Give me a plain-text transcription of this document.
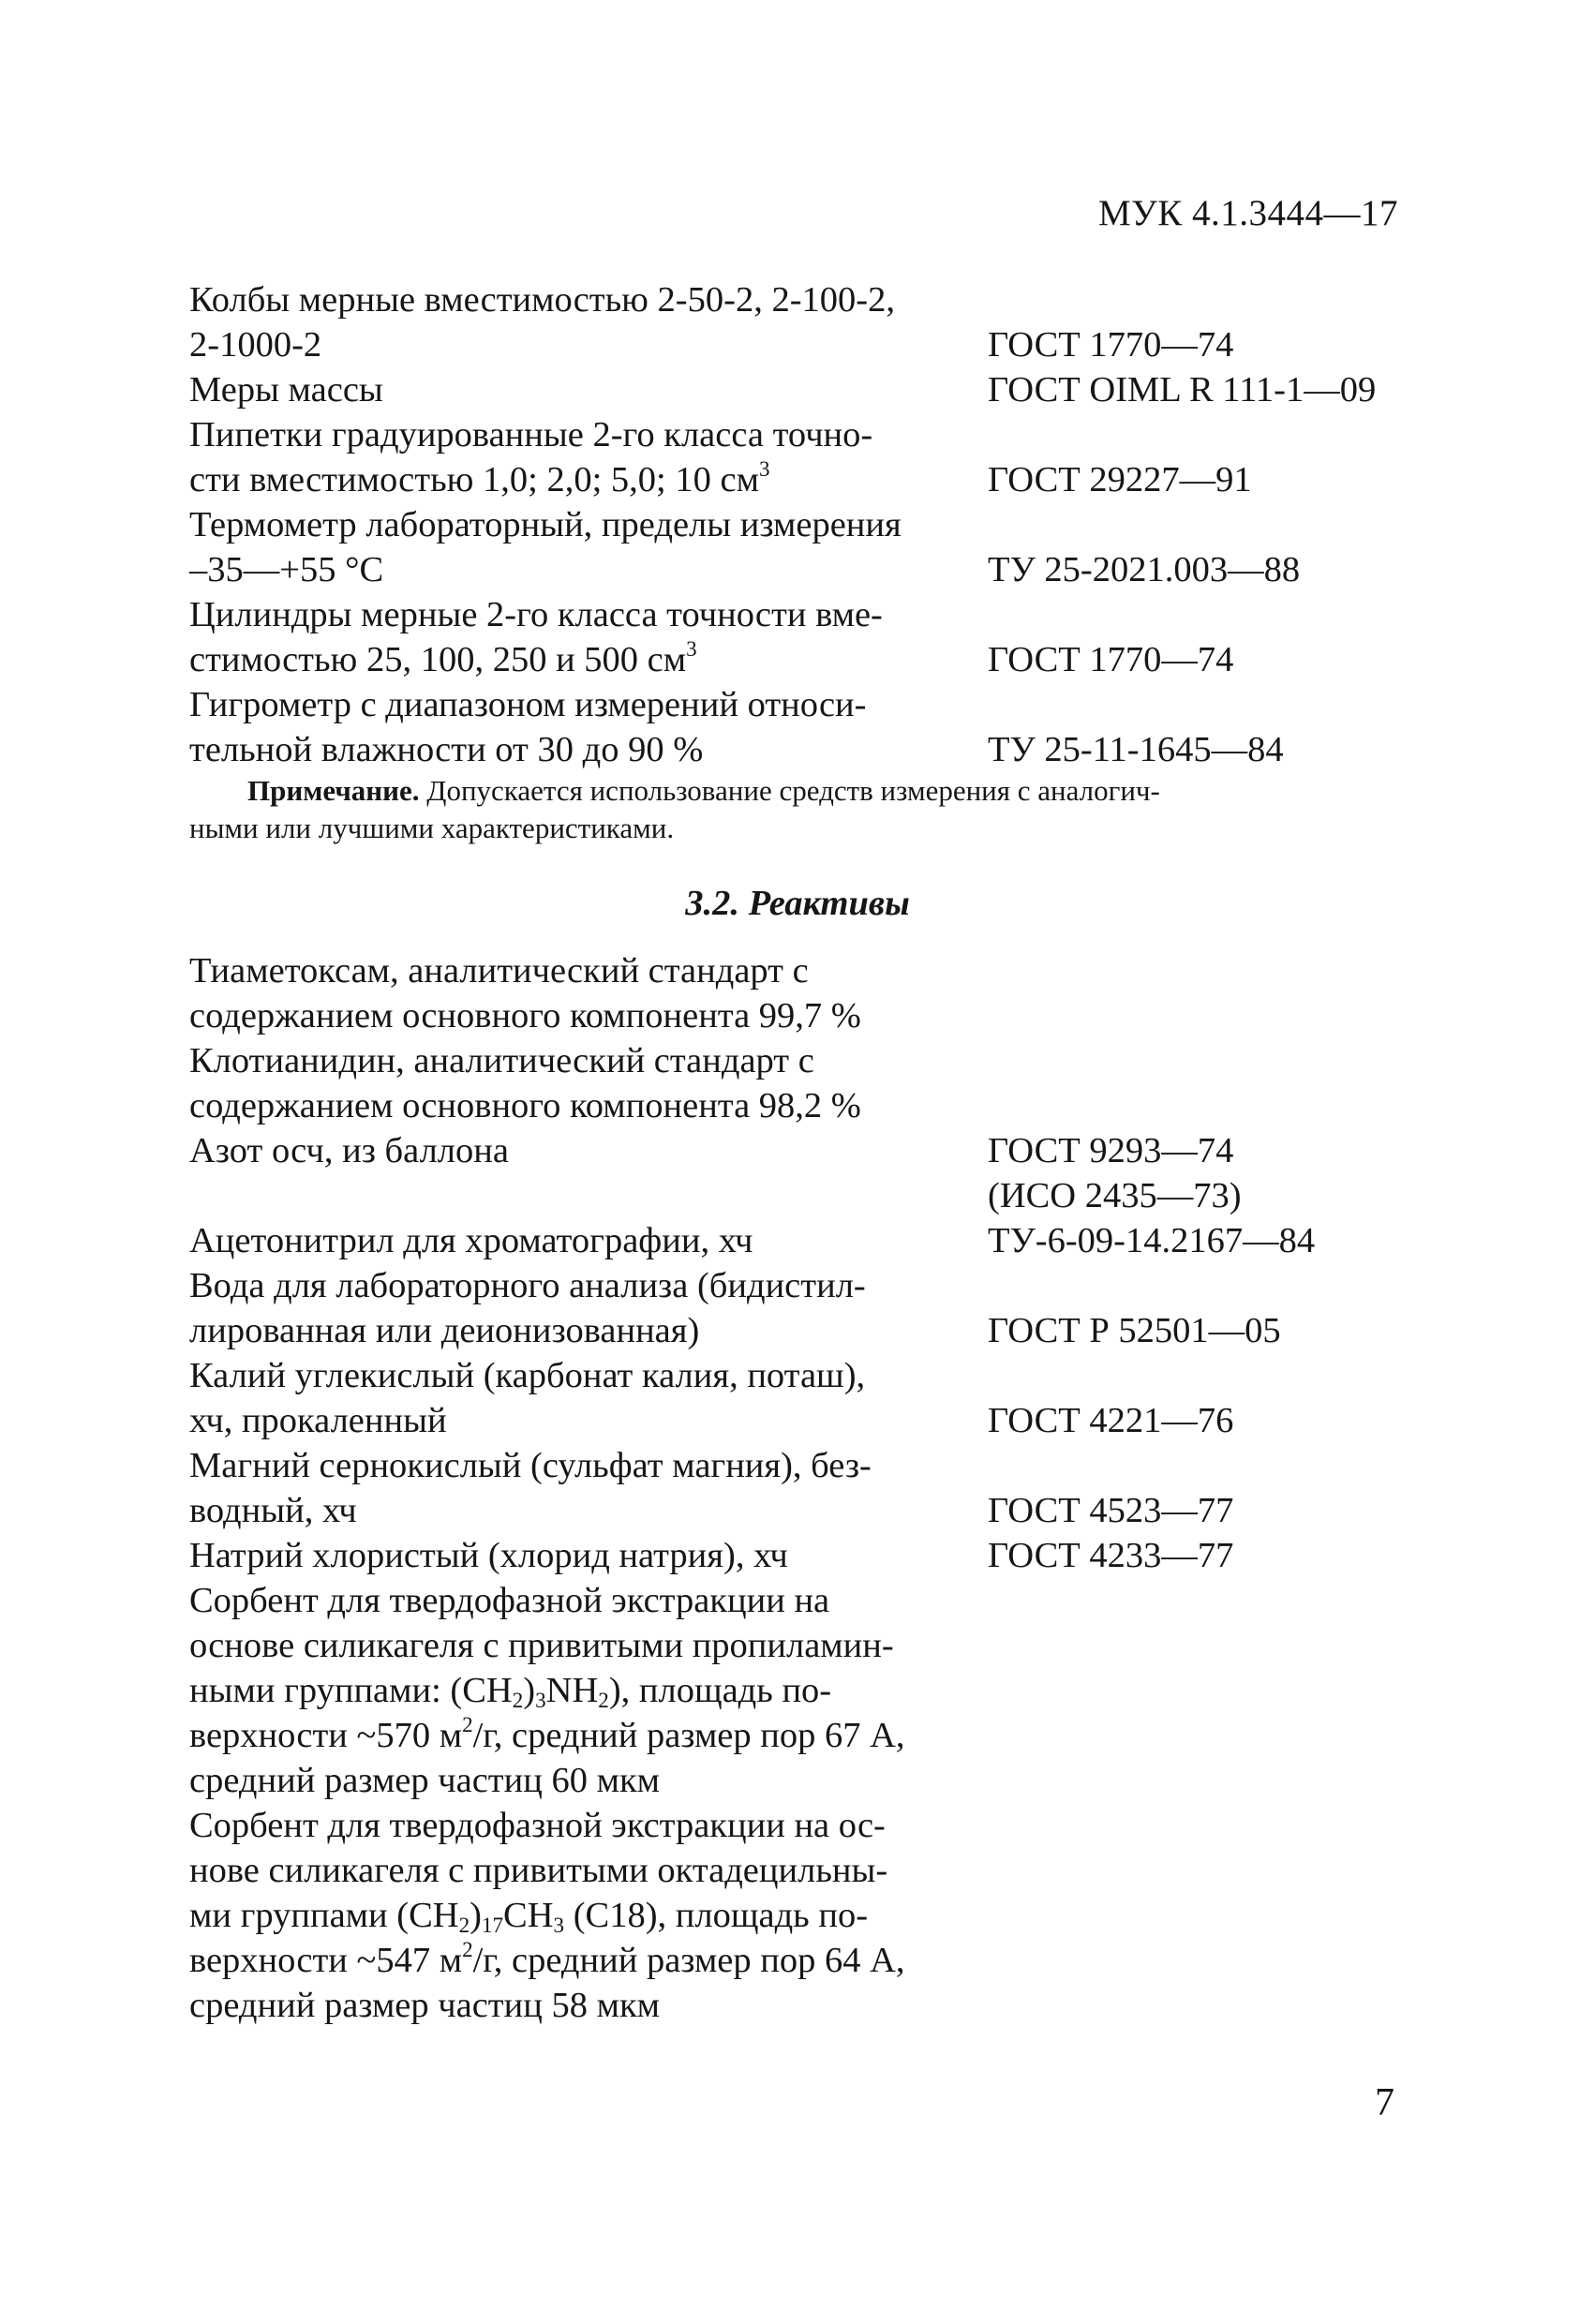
МУК 4.1.3444—17
Колбы мерные вместимостью 2-50-2, 2-100-2,
2-1000-2	ГОСТ 1770—74
Меры массы	ГОСТ OIML R 111-1—09
Пипетки градуированные 2-го класса точно-
сти вместимостью 1,0; 2,0; 5,0; 10 $см^3$	ГОСТ 29227—91
Термометр лабораторный, пределы измерения
–35—+55 °С	ТУ 25-2021.003—88
Цилиндры мерные 2-го класса точности вме-
стимостью 25, 100, 250 и 500 $см^3$	ГОСТ 1770—74
Гигрометр с диапазоном измерений относи-
тельной влажности от 30 до 90 %	ТУ 25-11-1645—84
Примечание. Допускается использование средств измерения с аналогич-
ными или лучшими характеристиками.
3.2. Реактивы
Тиаметоксам, аналитический стандарт с
содержанием основного компонента 99,7 %
Клотианидин, аналитический стандарт с
содержанием основного компонента 98,2 %
Азот осч, из баллона	ГОСТ 9293—74
(ИСО 2435—73)
Ацетонитрил для хроматографии, хч	ТУ-6-09-14.2167—84
Вода для лабораторного анализа (бидистил-
лированная или деионизованная)	ГОСТ Р 52501—05
Калий углекислый (карбонат калия, поташ),
хч, прокаленный	ГОСТ 4221—76
Магний сернокислый (сульфат магния), без-
водный, хч	ГОСТ 4523—77
Натрий хлористый (хлорид натрия), хч	ГОСТ 4233—77
Сорбент для твердофазной экстракции на
основе силикагеля с привитыми пропиламин-
ными группами: $(CH_2)_3NH_2$), площадь по-
верхности ~570 $м^2/г$, средний размер пор 67 А,
средний размер частиц 60 мкм
Сорбент для твердофазной экстракции на ос-
нове силикагеля с привитыми октадецильны-
ми группами $(CH_2)_{17}CH_3$ (С18), площадь по-
верхности ~547 $м^2/г$, средний размер пор 64 А,
средний размер частиц 58 мкм
7
